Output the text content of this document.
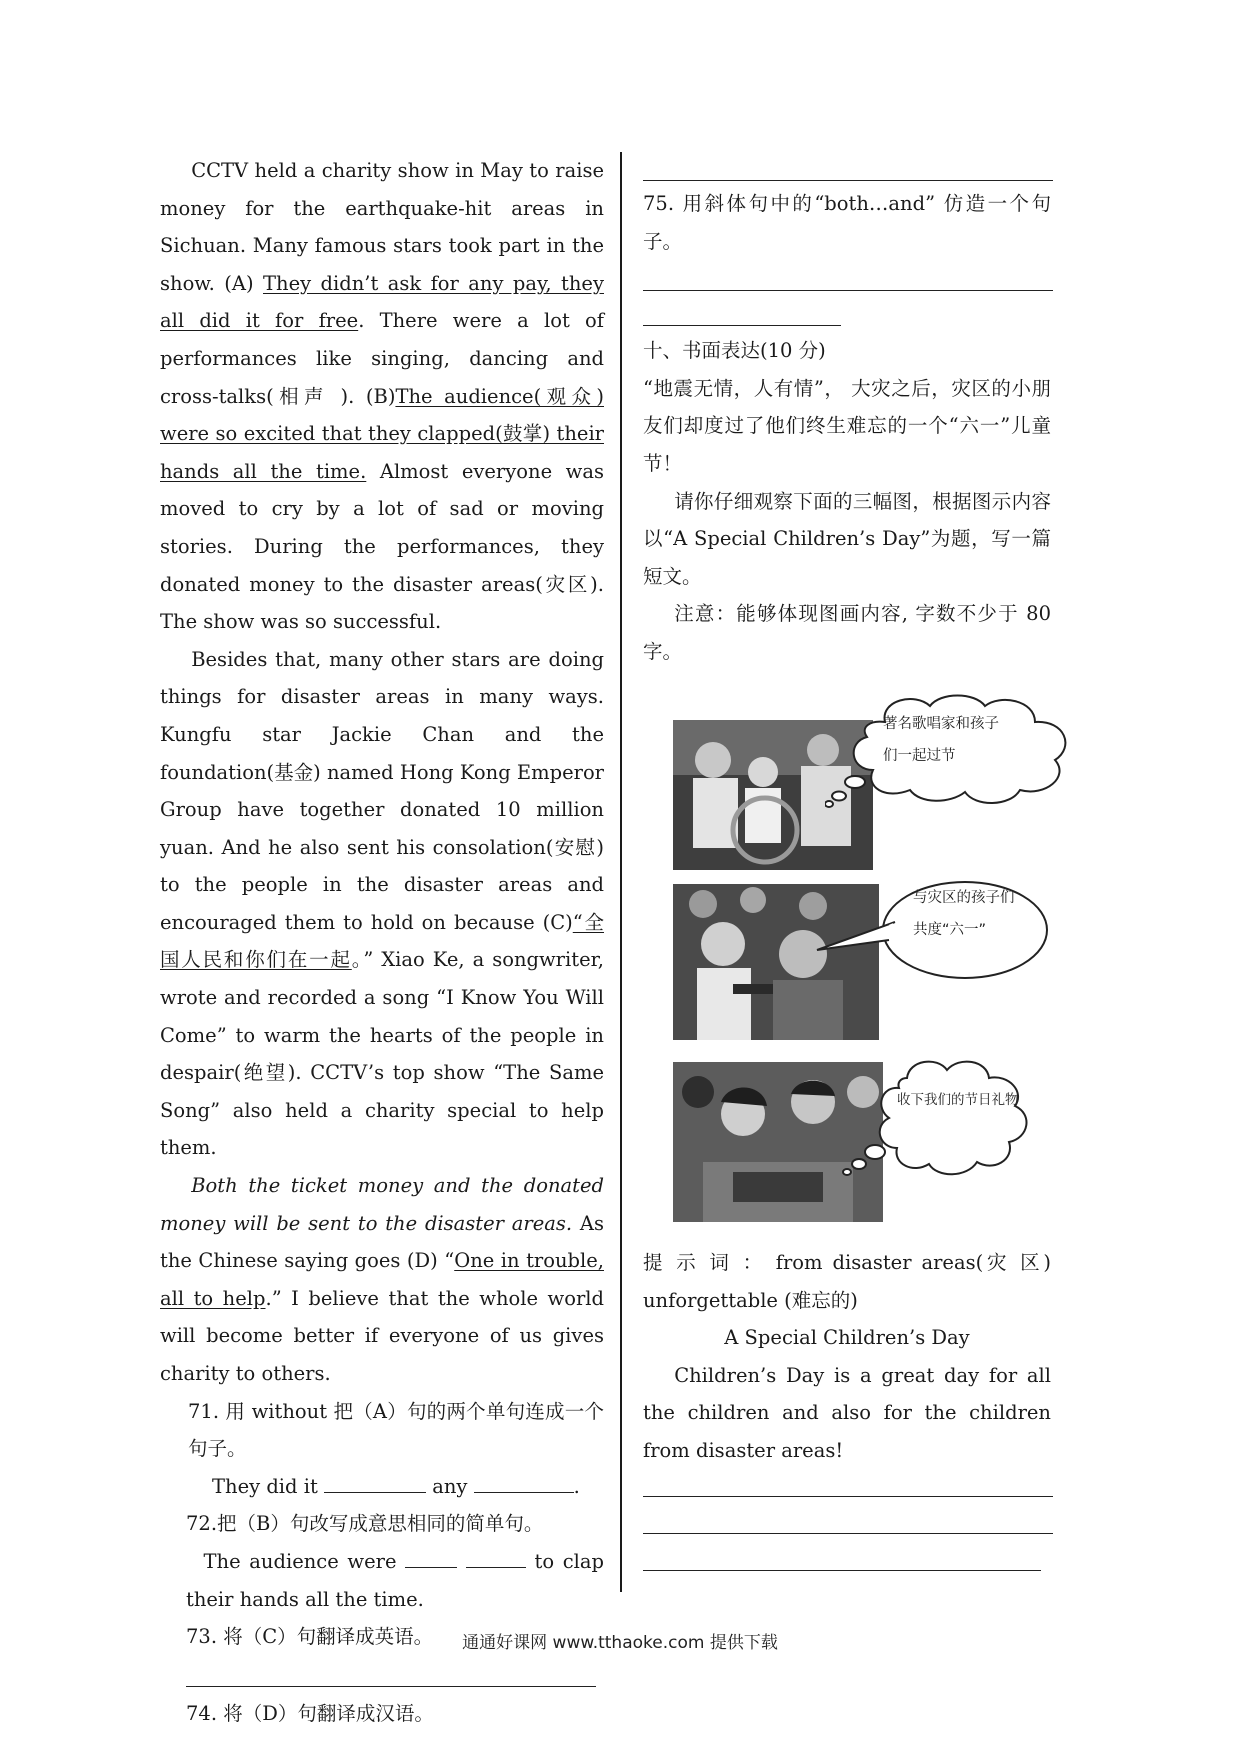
CCTV held a charity show in May to raise money for the earthquake-hit areas in Sichuan. Many famous stars took part in the show. (A) They didn’t ask for any pay, they all did it for free. There were a lot of performances like singing, dancing and cross-talks(相声 ). (B)The audience(观众) were so excited that they clapped(鼓掌) their hands all the time. Almost everyone was moved to cry by a lot of sad or moving stories. During the performances, they donated money to the disaster areas(灾区). The show was so successful.

Besides that, many other stars are doing things for disaster areas in many ways. Kungfu star Jackie Chan and the foundation(基金) named Hong Kong Emperor Group have together donated 10 million yuan. And he also sent his consolation(安慰) to the people in the disaster areas and encouraged them to hold on because (C)“全国人民和你们在一起。” Xiao Ke, a songwriter, wrote and recorded a song “I Know You Will Come” to warm the hearts of the people in despair(绝望). CCTV’s top show “The Same Song” also held a charity special to help them.

Both the ticket money and the donated money will be sent to the disaster areas. As the Chinese saying goes (D) “One in trouble, all to help.” I believe that the whole world will become better if everyone of us gives charity to others.

71. 用 without 把（A）句的两个单句连成一个句子。

They did it	any	.

72.把（B）句改写成意思相同的简单句。

The audience were	to clap their hands all the time.

73. 将（C）句翻译成英语。

74. 将（D）句翻译成汉语。

75. 用斜体句中的“both…and” 仿造一个句子。

十、书面表达(10 分)

“地震无情，人有情”， 大灾之后，灾区的小朋友们却度过了他们终生难忘的一个“六一”儿童节！

请你仔细观察下面的三幅图，根据图示内容以“A Special Children’s Day”为题，写一篇短文。

注意：能够体现图画内容, 字数不少于 80 字。

著名歌唱家和孩子
们一起过节
与灾区的孩子们
共度“六一”
收下我们的节日礼物

提 示 词 ： from disaster areas(灾 区) unforgettable (难忘的)

A Special Children’s Day

Children’s Day is a great day for all the children and also for the children from disaster areas!

通通好课网 www.tthaoke.com 提供下载
